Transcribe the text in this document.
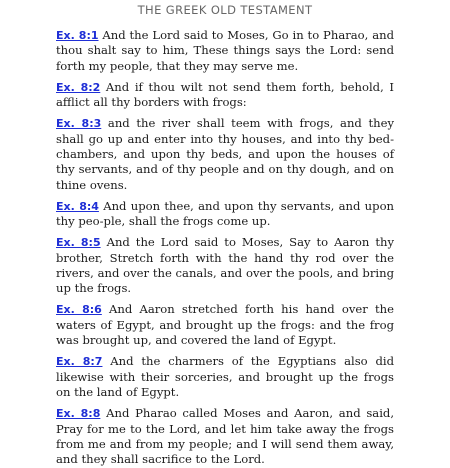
THE GREEK OLD TESTAMENT

Ex. 8:1 And the Lord said to Moses, Go in to Pharao, and thou shalt say to him, These things says the Lord: send forth my people, that they may serve me.

Ex. 8:2 And if thou wilt not send them forth, behold, I afflict all thy borders with frogs:

Ex. 8:3 and the river shall teem with frogs, and they shall go up and enter into thy houses, and into thy bed-chambers, and upon thy beds, and upon the houses of thy servants, and of thy people and on thy dough, and on thine ovens.

Ex. 8:4 And upon thee, and upon thy servants, and upon thy peo-ple, shall the frogs come up.

Ex. 8:5 And the Lord said to Moses, Say to Aaron thy brother, Stretch forth with the hand thy rod over the rivers, and over the canals, and over the pools, and bring up the frogs.

Ex. 8:6 And Aaron stretched forth his hand over the waters of Egypt, and brought up the frogs: and the frog was brought up, and covered the land of Egypt.

Ex. 8:7 And the charmers of the Egyptians also did likewise with their sorceries, and brought up the frogs on the land of Egypt.

Ex. 8:8 And Pharao called Moses and Aaron, and said, Pray for me to the Lord, and let him take away the frogs from me and from my people; and I will send them away, and they shall sacrifice to the Lord.
